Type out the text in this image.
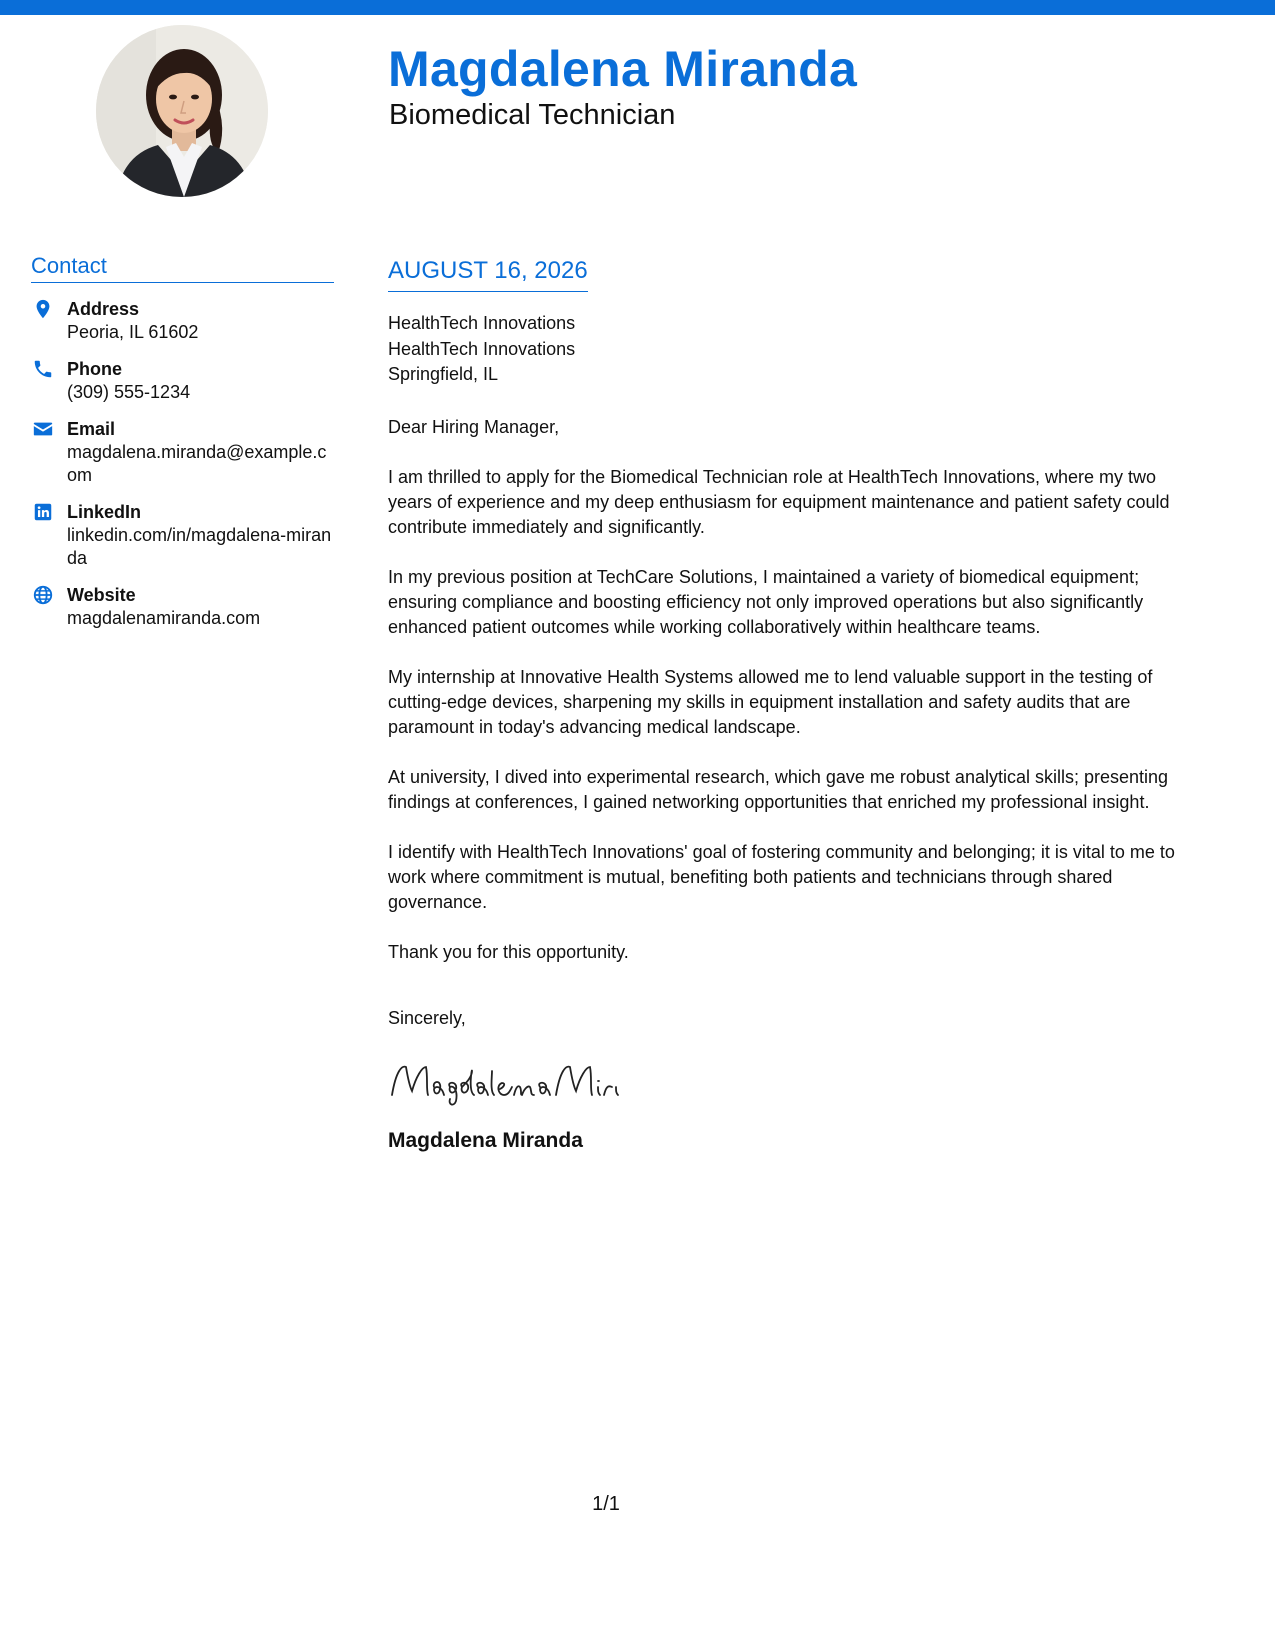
Magdalena Miranda
Biomedical Technician
Contact
Address
Peoria, IL 61602
Phone
(309) 555-1234
Email
magdalena.miranda@example.com
LinkedIn
linkedin.com/in/magdalena-miranda
Website
magdalenamiranda.com
AUGUST 16, 2026
HealthTech Innovations
HealthTech Innovations
Springfield, IL
Dear Hiring Manager,
I am thrilled to apply for the Biomedical Technician role at HealthTech Innovations, where my two years of experience and my deep enthusiasm for equipment maintenance and patient safety could contribute immediately and significantly.
In my previous position at TechCare Solutions, I maintained a variety of biomedical equipment; ensuring compliance and boosting efficiency not only improved operations but also significantly enhanced patient outcomes while working collaboratively within healthcare teams.
My internship at Innovative Health Systems allowed me to lend valuable support in the testing of cutting-edge devices, sharpening my skills in equipment installation and safety audits that are paramount in today's advancing medical landscape.
At university, I dived into experimental research, which gave me robust analytical skills; presenting findings at conferences, I gained networking opportunities that enriched my professional insight.
I identify with HealthTech Innovations' goal of fostering community and belonging; it is vital to me to work where commitment is mutual, benefiting both patients and technicians through shared governance.
Thank you for this opportunity.
Sincerely,
Magdalena Miranda
1/1
